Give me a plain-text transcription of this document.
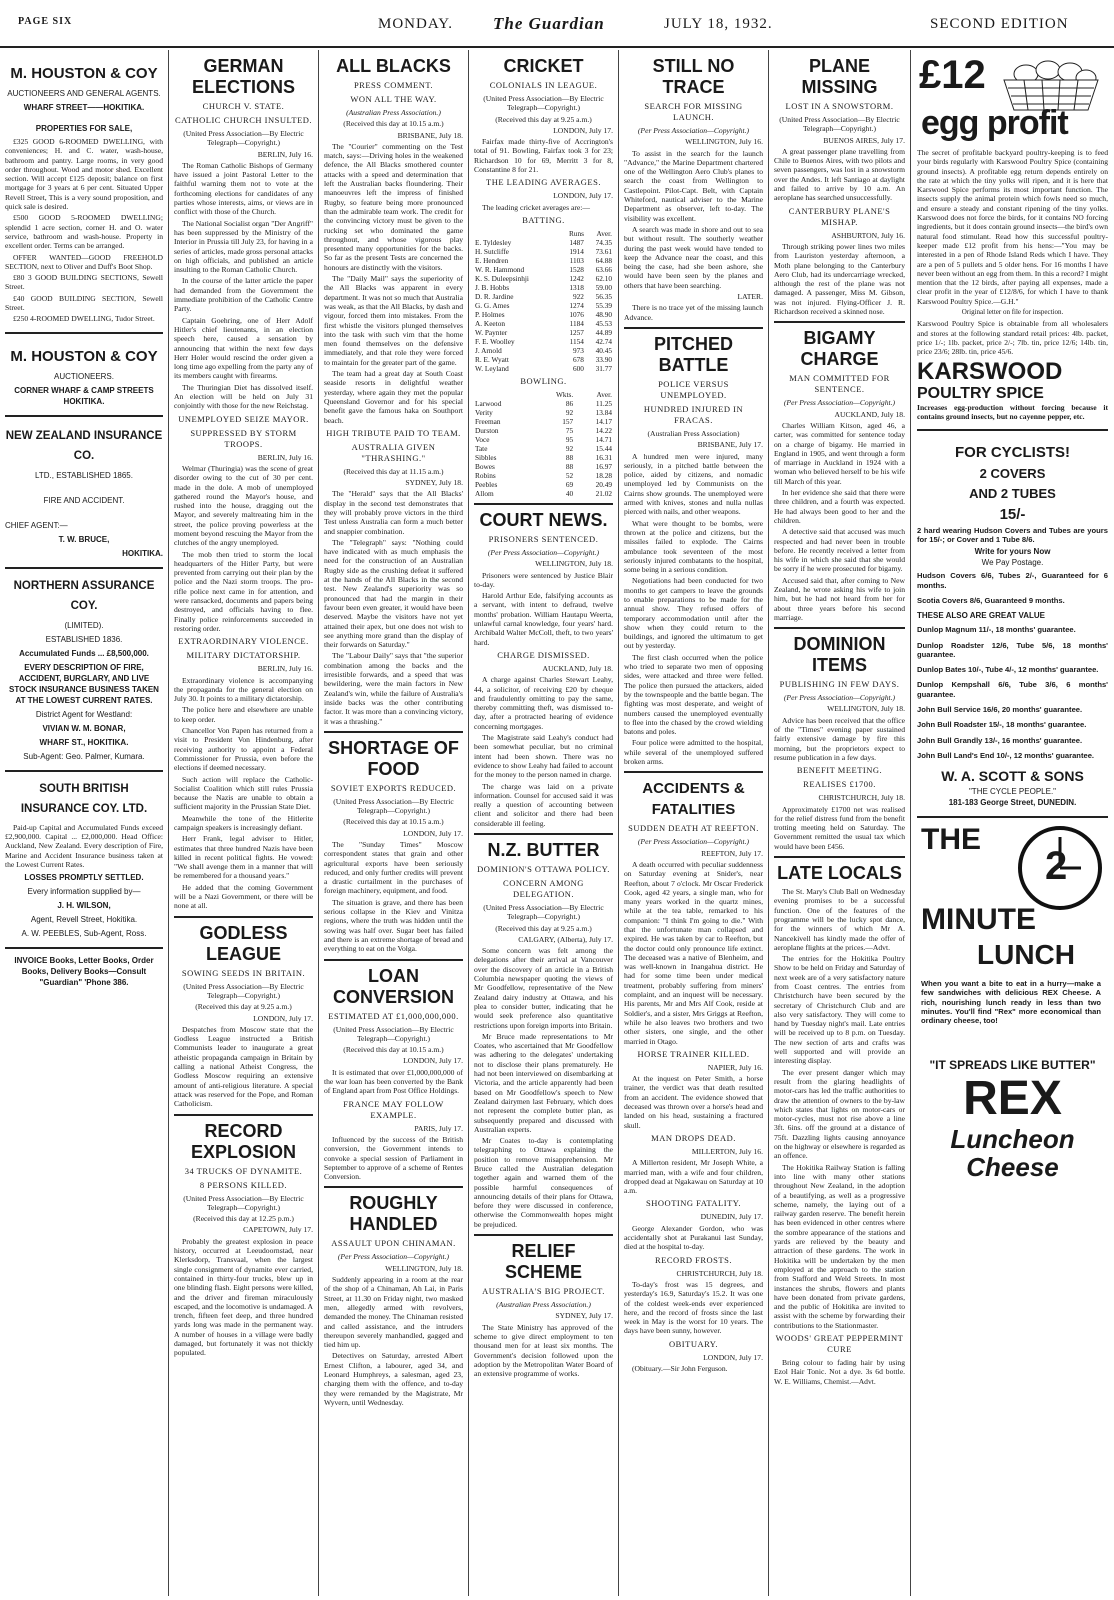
PAGE SIX	MONDAY. The Guardian	JULY 18, 1932.	SECOND EDITION
M. HOUSTON & COY
AUCTIONEERS AND GENERAL AGENTS.
WHARF STREET——HOKITIKA.
PROPERTIES FOR SALE,

£325 GOOD 6-ROOMED DWELLING, with conveniences; H. and C. water, wash-house, bathroom and pantry. Large rooms, in very good order throughout. Wood and motor shed. Excellent section. Will accept £125 deposit; balance on first mortgage for 3 years at 6 per cent. Situated Upper Revell Street, This is a very sound proposition, and quick sale is desired.

£500 GOOD 5-ROOMED DWELLING; splendid 1 acre section, corner H. and O. water service, bathroom and wash-house. Property in excellent order. Terms can be arranged.

OFFER WANTED—GOOD FREEHOLD SECTION, next to Oliver and Duff's Boot Shop.

£80 3 GOOD BUILDING SECTIONS, Sewell Street.

£40 GOOD BUILDING SECTION, Sewell Street.

£250 4-ROOMED DWELLING, Tudor Street.

M. HOUSTON & COY
AUCTIONEERS.
CORNER WHARF & CAMP STREETS HOKITIKA.
NEW ZEALAND INSURANCE CO.
LTD., ESTABLISHED 1865.
FIRE AND ACCIDENT.
CHIEF AGENT:—
T. W. BRUCE,
HOKITIKA.
NORTHERN ASSURANCE COY.
(LIMITED).
ESTABLISHED 1836.
Accumulated Funds ... £8,500,000.
EVERY DESCRIPTION OF FIRE, ACCIDENT, BURGLARY, AND LIVE STOCK INSURANCE BUSINESS TAKEN AT THE LOWEST CURRENT RATES.
District Agent for Westland:
VIVIAN W. M. BONAR,
WHARF ST., HOKITIKA.
Sub-Agent: Geo. Palmer, Kumara.
SOUTH BRITISH INSURANCE COY. LTD.

Paid-up Capital and Accumulated Funds exceed £2,900,000. Capital ... £2,000,000. Head Office: Auckland, New Zealand. Every description of Fire, Marine and Accident Insurance business taken at the Lowest Current Rates.

LOSSES PROMPTLY SETTLED.
Every information supplied by—
J. H. WILSON,
Agent, Revell Street, Hokitika.
A. W. PEEBLES, Sub-Agent, Ross.
INVOICE Books, Letter Books, Order Books, Delivery Books—Consult "Guardian" 'Phone 386.
GERMAN ELECTIONS
CHURCH V. STATE.
CATHOLIC CHURCH INSULTED.
(United Press Association—By Electric Telegraph—Copyright.)
BERLIN, July 16.

The Roman Catholic Bishops of Germany have issued a joint Pastoral Letter to the faithful warning them not to vote at the forthcoming elections for candidates of any parties whose interests, aims, or views are in conflict with those of the Church.

The National Socialist organ "Der Angriff" has been suppressed by the Ministry of the Interior in Prussia till July 23, for having in a series of articles, made gross personal attacks on high officials, and published an article insulting to the Roman Catholic Church.

In the course of the latter article the paper had demanded from the Government the immediate prohibition of the Catholic Centre Party.

Captain Goehring, one of Herr Adolf Hitler's chief lieutenants, in an election speech here, caused a sensation by announcing that within the next few days Herr Holer would rescind the order given a long time ago expelling from the party any of its members caught with firearms.

The Thuringian Diet has dissolved itself. An election will be held on July 31 conjointly with those for the new Reichstag.

UNEMPLOYED SEIZE MAYOR.
SUPPRESSED BY STORM TROOPS.
BERLIN, July 16.

Welmar (Thuringia) was the scene of great disorder owing to the cut of 30 per cent. made in the dole. A mob of unemployed gathered round the Mayor's house, and rushed into the house, dragging out the Mayor, and severely maltreating him in the street, the police proving powerless at the moment beyond rescuing the Mayor from the clutches of the angry unemployed.

The mob then tried to storm the local headquarters of the Hitler Party, but were prevented from carrying out their plan by the police and the Nazi storm troops. The pro-rifle police next came in for attention, and were ransacked, documents and papers being destroyed, and officials having to flee. Finally police reinforcements succeeded in restoring order.

EXTRAORDINARY VIOLENCE.
MILITARY DICTATORSHIP.
BERLIN, July 16.

Extraordinary violence is accompanying the propaganda for the general election on July 30. It points to a military dictatorship.

The police here and elsewhere are unable to keep order.

Chancellor Von Papen has returned from a visit to President Von Hindenburg, after receiving authority to appoint a Federal Commissioner for Prussia, even before the elections if deemed necessary.

Such action will replace the Catholic-Socialist Coalition which still rules Prussia because the Nazis are unable to obtain a sufficient majority in the Prussian State Diet.

Meanwhile the tone of the Hitlerite campaign speakers is increasingly defiant.

Herr Frank, legal adviser to Hitler, estimates that three hundred Nazis have been killed in recent political fights. He vowed: "We shall avenge them in a manner that will be remembered for a thousand years."

He added that the coming Government will be a Nazi Government, or there will be none at all.

GODLESS LEAGUE
SOWING SEEDS IN BRITAIN.
(United Press Association—By Electric Telegraph—Copyright.)
(Received this day at 9.25 a.m.)
LONDON, July 17.

Despatches from Moscow state that the Godless League instructed a British Communists leader to inaugurate a great atheistic propaganda campaign in Britain by calling a national Atheist Congress, the Godless Moscow requiring an extensive amount of anti-religious literature. A special attack was reserved for the Pope, and Roman Catholicism.

RECORD EXPLOSION
34 TRUCKS OF DYNAMITE.
8 PERSONS KILLED.
(United Press Association—By Electric Telegraph—Copyright.)
(Received this day at 12.25 p.m.)
CAPETOWN, July 17.

Probably the greatest explosion in peace history, occurred at Leeudoornstad, near Klerksdorp, Transvaal, when the largest single consignment of dynamite ever carried, contained in thirty-four trucks, blew up in one blinding flash. Eight persons were killed, and the driver and fireman miraculously escaped, and the locomotive is undamaged. A trench, fifteen feet deep, and three hundred yards long was made in the permanent way. A number of houses in a village were badly damaged, but fortunately it was not thickly populated.

ALL BLACKS
PRESS COMMENT.
WON ALL THE WAY.
(Australian Press Association.)
(Received this day at 10.15 a.m.)
BRISBANE, July 18.

The "Courier" commenting on the Test match, says:—Driving holes in the weakened defence, the All Blacks smothered counter attacks with a speed and determination that left the Australian backs floundering. Their manoeuvres left the impress of finished Rugby, so feature being more pronounced than the admirable team work. The credit for the convincing victory must be given to the rucking set who dominated the game throughout, and whose vigorous play presented many opportunities for the backs. So far as the present Tests are concerned the honours are distinctly with the visitors.

The "Daily Mail" says the superiority of the All Blacks was apparent in every department. It was not so much that Australia was weak, as that the All Blacks, by dash and vigour, forced them into mistakes. From the first whistle the visitors plunged themselves into the task with such vim that the home men found themselves on the defensive immediately, and that role they were forced to maintain for the greater part of the game.

The team had a great day at South Coast seaside resorts in delightful weather yesterday, where again they met the popular Queensland Governor and for his special benefit gave the famous haka on Southport beach.

HIGH TRIBUTE PAID TO TEAM.
AUSTRALIA GIVEN "THRASHING."
(Received this day at 11.15 a.m.)
SYDNEY, July 18.

The "Herald" says that the All Blacks' display in the second test demonstrates that they will probably prove victors in the third Test unless Australia can form a much better and snappier combination.

The "Telegraph" says: "Nothing could have indicated with as much emphasis the need for the construction of an Australian Rugby side as the crushing defeat it suffered at the hands of the All Blacks in the second test. New Zealand's superiority was so pronounced that had the margin in their favour been even greater, it would have been deserved. Maybe the visitors have not yet attained their apex, but one does not wish to see anything more grand than the display of their forwards on Saturday."

The "Labour Daily" says that "the superior combination among the backs and the irresistible forwards, and a speed that was bewildering, were the main factors in New Zealand's win, while the failure of Australia's inside backs was the other contributing factor. It was more than a convincing victory, it was a thrashing."

SHORTAGE OF FOOD
SOVIET EXPORTS REDUCED.
(United Press Association—By Electric Telegraph—Copyright.)
(Received this day at 10.15 a.m.)
LONDON, July 17.

The "Sunday Times" Moscow correspondent states that grain and other agricultural exports have been seriously reduced, and only further credits will prevent a drastic curtailment in the purchases of foreign machinery, equipment, and food.

The situation is grave, and there has been serious collapse in the Kiev and Vinitza regions, where the truth was hidden until the sowing was half over. Sugar beet has failed and there is an extreme shortage of bread and everything to eat on the Volga.

LOAN CONVERSION
ESTIMATED AT £1,000,000,000.
(United Press Association—By Electric Telegraph—Copyright.)
(Received this day at 10.15 a.m.)
LONDON, July 17.

It is estimated that over £1,000,000,000 of the war loan has been converted by the Bank of England apart from Post Office Holdings.

FRANCE MAY FOLLOW EXAMPLE.
PARIS, July 17.

Influenced by the success of the British conversion, the Government intends to convoke a special session of Parliament in September to approve of a scheme of Rentes Conversion.

ROUGHLY HANDLED
ASSAULT UPON CHINAMAN.
(Per Press Association—Copyright.)
WELLINGTON, July 18.

Suddenly appearing in a room at the rear of the shop of a Chinaman, Ah Lai, in Paris Street, at 11.30 on Friday night, two masked men, allegedly armed with revolvers, demanded the money. The Chinaman resisted and called assistance, and the intruders thereupon severely manhandled, gagged and tied him up.

Detectives on Saturday, arrested Albert Ernest Clifton, a labourer, aged 34, and Leonard Humphreys, a salesman, aged 23, charging them with the offence, and to-day they were remanded by the Magistrate, Mr Wyvern, until Wednesday.

CRICKET
COLONIALS IN LEAGUE.
(United Press Association—By Electric Telegraph—Copyright.)
(Received this day at 9.25 a.m.)
LONDON, July 17.

Fairfax made thirty-five of Accrington's total of 91. Bowling, Fairfax took 3 for 23; Richardson 10 for 69, Merritt 3 for 8, Constantine 8 for 21.

THE LEADING AVERAGES.
LONDON, July 17.

The leading cricket averages are:—

BATTING.
	Runs	Aver.
E. Tyldesley	1487	74.35
H. Sutcliffe	1914	73.61
E. Hendren	1103	64.88
W. R. Hammond	1528	63.66
K. S. Duleepsinhji	1242	62.10
J. B. Hobbs	1318	59.00
D. R. Jardine	922	56.35
G. G. Ames	1274	55.39
P. Holmes	1076	48.90
A. Keeton	1184	45.53
W. Paynter	1257	44.89
F. E. Woolley	1154	42.74
J. Arnold	973	40.45
R. E. Wyatt	678	33.90
W. Leyland	600	31.77
BOWLING.
	Wkts.	Aver.
Larwood	86	11.25
Verity	92	13.84
Freeman	157	14.17
Durston	75	14.22
Voce	95	14.71
Tate	92	15.44
Sibbles	88	16.31
Bowes	88	16.97
Robins	52	18.28
Peebles	69	20.49
Allom	40	21.02
COURT NEWS.
PRISONERS SENTENCED.
(Per Press Association—Copyright.)
WELLINGTON, July 18.

Prisoners were sentenced by Justice Blair to-day.

Harold Arthur Ede, falsifying accounts as a servant, with intent to defraud, twelve months' probation. William Hautapu Weerta, unlawful carnal knowledge, four years' hard. Archibald Walter McColl, theft, to two years' hard.

CHARGE DISMISSED.
AUCKLAND, July 18.

A charge against Charles Stewart Leahy, 44, a solicitor, of receiving £20 by cheque and fraudulently omitting to pay the same, thereby committing theft, was dismissed to-day, after a protracted hearing of evidence concerning mortgages.

The Magistrate said Leahy's conduct had been somewhat peculiar, but no criminal intent had been shown. There was no evidence to show Leahy had failed to account for the money to the person named in charge.

The charge was laid on a private information. Counsel for accused said it was really a question of accounting between client and solicitor and there had been considerable ill feeling.

N.Z. BUTTER
DOMINION'S OTTAWA POLICY.
CONCERN AMONG DELEGATION.
(United Press Association—By Electric Telegraph—Copyright.)
(Received this day at 9.25 a.m.)
CALGARY, (Alberta), July 17.

Some concern was felt among the delegations after their arrival at Vancouver over the discovery of an article in a British Columbia newspaper quoting the views of Mr Goodfellow, representative of the New Zealand dairy industry at Ottawa, and his plea to consider butter, indicating that he would seek preference also quantitative restrictions upon foreign imports into Britain.

Mr Bruce made representations to Mr Coates, who ascertained that Mr Goodfellow was adhering to the delegates' undertaking not to disclose their plans prematurely. He had not been interviewed on disembarking at Victoria, and the article apparently had been based on Mr Goodfellow's speech to New Zealand dairymen last February, which does not represent the complete butter plan, as subsequently prepared and discussed with Australian experts.

Mr Coates to-day is contemplating telegraphing to Ottawa explaining the position to remove misapprehension. Mr Bruce called the Australian delegation together again and warned them of the possible harmful consequences of announcing details of their plans for Ottawa, before they were discussed in conference, otherwise the Commonwealth hopes might be prejudiced.

RELIEF SCHEME
AUSTRALIA'S BIG PROJECT.
(Australian Press Association.)
SYDNEY, July 17.

The State Ministry has approved of the scheme to give direct employment to ten thousand men for at least six months. The Government's decision followed upon the adoption by the Metropolitan Water Board of an extensive programme of works.

STILL NO TRACE
SEARCH FOR MISSING LAUNCH.
(Per Press Association—Copyright.)
WELLINGTON, July 16.

To assist in the search for the launch "Advance," the Marine Department chartered one of the Wellington Aero Club's planes to search the coast from Wellington to Castlepoint. Pilot-Capt. Belt, with Captain Whiteford, nautical adviser to the Marine Department as observer, left to-day. The visibility was excellent.

A search was made in shore and out to sea but without result. The southerly weather during the past week would have tended to keep the Advance near the coast, and this being the case, had she been ashore, she would have been seen by the planes and others that have been searching.

LATER.

There is no trace yet of the missing launch Advance.

PITCHED BATTLE
POLICE VERSUS UNEMPLOYED.
HUNDRED INJURED IN FRACAS.
(Australian Press Association)
BRISBANE, July 17.

A hundred men were injured, many seriously, in a pitched battle between the police, aided by citizens, and nomadic unemployed led by Communists on the Cairns show grounds. The unemployed were armed with knives, stones and nulla nullas pierced with nails, and other weapons.

What were thought to be bombs, were thrown at the police and citizens, but the missiles failed to explode. The Cairns ambulance took seventeen of the most seriously injured combatants to the hospital, some being in a serious condition.

Negotiations had been conducted for two months to get campers to leave the grounds to enable preparations to be made for the annual show. They refused offers of temporary accommodation until after the show when they could return to the buildings, and ignored the ultimatum to get out by yesterday.

The first clash occurred when the police who tried to separate two men of opposing sides, were attacked and three were felled. The police then pursued the attackers, aided by the townspeople and the battle began. The fighting was most desperate, and weight of numbers caused the unemployed eventually to flee into the chased by the crowd wielding batons and poles.

Four police were admitted to the hospital, while several of the unemployed suffered broken arms.

ACCIDENTS & FATALITIES
SUDDEN DEATH AT REEFTON.
(Per Press Association—Copyright.)
REEFTON, July 17.

A death occurred with peculiar suddenness on Saturday evening at Snider's, near Reefton, about 7 o'clock. Mr Oscar Frederick Cook, aged 42 years, a single man, who for many years worked in the quartz mines, while at the tea table, remarked to his companion: "I think I'm going to die." With that the unfortunate man collapsed and expired. He was taken by car to Reefton, but the doctor could only pronounce life extinct. The deceased was a native of Blenheim, and was well-known in Inangahua district. He had for some time been under medical treatment, probably suffering from miners' complaint, and an inquest will be necessary. His parents, Mr and Mrs Alf Cook, reside at Soldier's, and a sister, Mrs Griggs at Reefton, while he also leaves two brothers and two other sisters, one single, and the other married in Otago.

HORSE TRAINER KILLED.
NAPIER, July 16.

At the inquest on Peter Smith, a horse trainer, the verdict was that death resulted from an accident. The evidence showed that deceased was thrown over a horse's head and landed on his head, sustaining a fractured skull.

MAN DROPS DEAD.
MILLERTON, July 16.

A Millerton resident, Mr Joseph White, a married man, with a wife and four children, dropped dead at Ngakawau on Saturday at 10 a.m.

SHOOTING FATALITY.
DUNEDIN, July 17.

George Alexander Gordon, who was accidentally shot at Purakanui last Sunday, died at the hospital to-day.

RECORD FROSTS.
CHRISTCHURCH, July 18.

To-day's frost was 15 degrees, and yesterday's 16.9, Saturday's 15.2. It was one of the coldest week-ends ever experienced here, and the record of frosts since the last week in May is the worst for 10 years. The days have been sunny, however.

OBITUARY.
LONDON, July 17.

(Obituary.—Sir John Ferguson.

PLANE MISSING
LOST IN A SNOWSTORM.
(United Press Association—By Electric Telegraph—Copyright.)
BUENOS AIRES, July 17.

A great passenger plane travelling from Chile to Buenos Aires, with two pilots and seven passengers, was lost in a snowstorm over the Andes. It left Santiago at daylight and failed to arrive by 10 a.m. An aeroplane has searched unsuccessfully.

CANTERBURY PLANE'S MISHAP.
ASHBURTON, July 16.

Through striking power lines two miles from Lauriston yesterday afternoon, a Moth plane belonging to the Canterbury Aero Club, had its undercarriage wrecked, although the rest of the plane was not damaged. A passenger, Miss M. Gibson, was not injured. Flying-Officer J. R. Richardson received a skinned nose.

BIGAMY CHARGE
MAN COMMITTED FOR SENTENCE.
(Per Press Association—Copyright.)
AUCKLAND, July 18.

Charles William Kitson, aged 46, a carter, was committed for sentence today on a charge of bigamy. He married in England in 1905, and went through a form of marriage in Auckland in 1924 with a woman who believed herself to be his wife till March of this year.

In her evidence she said that there were three children, and a fourth was expected. He had always been good to her and the children.

A detective said that accused was much respected and had never been in trouble before. He recently received a letter from his wife in which she said that she would be sorry if he were prosecuted for bigamy.

Accused said that, after coming to New Zealand, he wrote asking his wife to join him, but he had not heard from her for about three years before his second marriage.

DOMINION ITEMS
PUBLISHING IN FEW DAYS.
(Per Press Association—Copyright.)
WELLINGTON, July 18.

Advice has been received that the office of the "Times" evening paper sustained fairly extensive damage by fire this morning, but the proprietors expect to resume publication in a few days.

BENEFIT MEETING.
REALISES £1700.
CHRISTCHURCH, July 18.

Approximately £1700 net was realised for the relief distress fund from the benefit trotting meeting held on Saturday. The Government remitted the usual tax which would have been £456.

LATE LOCALS

The St. Mary's Club Ball on Wednesday evening promises to be a successful function. One of the features of the programme will be the lucky spot dance, for the winners of which Mr A. Nancekivell has kindly made the offer of aeroplane flights at the prices.—Advt.

The entries for the Hokitika Poultry Show to be held on Friday and Saturday of next week are of a very satisfactory nature from Coast centres. The entries from Christchurch have been secured by the secretary of Christchurch Club and are also very satisfactory. They will come to hand by Tuesday night's mail. Late entries will be received up to 8 p.m. on Tuesday. The new section of arts and crafts was well supported and will provide an interesting display.

The ever present danger which may result from the glaring headlights of motor-cars has led the traffic authorities to draw the attention of owners to the by-law which states that lights on motor-cars or motor-cycles, must not rise above a line 3ft. 6ins. off the ground at a distance of 75ft. Dazzling lights causing annoyance on the highway or elsewhere is regarded as an offence.

The Hokitika Railway Station is falling into line with many other stations throughout New Zealand, in the adoption of a beautifying, as well as a progressive scheme, namely, the laying out of a railway garden reserve. The benefit herein has been evidenced in other centres where the sombre appearance of the stations and yards are relieved by the beauty and attraction of these gardens. The work in Hokitika will be undertaken by the men employed at the approach to the station from Stafford and Weld Streets. In most instances the shrubs, flowers and plants have been donated from private gardens, and the public of Hokitika are invited to assist with the scheme by forwarding their contributions to the Stationmaster.

WOODS' GREAT PEPPERMINT CURE

Bring colour to fading hair by using Ezol Hair Tonic. Not a dye. 3s 6d bottle. W. E. Williams, Chemist.—Advt.

£12
egg profit

The secret of profitable backyard poultry-keeping is to feed your birds regularly with Karswood Poultry Spice (containing ground insects). A profitable egg return depends entirely on the rate at which the tiny yolks will ripen, and it is here that Karswood Spice performs its most important function. The insects supply the animal protein which fowls need so much, and ensure a steady and constant ripening of the tiny yolks. Karswood does not force the birds, for it contains NO forcing ingredients, but it does contain ground insects—the bird's own natural food stimulant. Read how this successful poultry-keeper made £12 profit from his hens:—"You may be interested in a pen of Rhode Island Reds which I have. They are a pen of 5 pullets and 5 older hens. For 16 months I have never been without an egg from them. In this a record? I might mention that the 12 birds, after paying all expenses, made a clear profit in the year of £12/8/6, for which I have to thank Karswood Poultry Spice.—G.H."

Original letter on file for inspection.

Karswood Poultry Spice is obtainable from all wholesalers and stores at the following standard retail prices: 4lb. packet, price 1/-; 1lb. packet, price 2/-; 7lb. tin, price 12/6; 14lb. tin, price 23/6; 28lb. tin, price 45/6.

KARSWOOD
POULTRY SPICE
Increases egg-production without forcing because it contains ground insects, but no cayenne pepper, etc.
FOR CYCLISTS!
2 COVERS
AND 2 TUBES
15/-
2 hard wearing Hudson Covers and Tubes are yours for 15/-; or Cover and 1 Tube 8/6.
Write for yours Now
We Pay Postage.
Hudson Covers 6/6, Tubes 2/-, Guaranteed for 6 months.
Scotia Covers 8/6, Guaranteed 9 months.
THESE ALSO ARE GREAT VALUE
Dunlop Magnum 11/-, 18 months' guarantee.
Dunlop Roadster 12/6, Tube 5/6, 18 months' guarantee.
Dunlop Bates 10/-, Tube 4/-, 12 months' guarantee.
Dunlop Kempshall 6/6, Tube 3/6, 6 months' guarantee.
John Bull Service 16/6, 20 months' guarantee.
John Bull Roadster 15/-, 18 months' guarantee.
John Bull Grandly 13/-, 16 months' guarantee.
John Bull Land's End 10/-, 12 months' guarantee.
W. A. SCOTT & SONS
"THE CYCLE PEOPLE."
181-183 George Street, DUNEDIN.
THE
2
MINUTE
LUNCH
When you want a bite to eat in a hurry—make a few sandwiches with delicious REX Cheese. A rich, nourishing lunch ready in less than two minutes. You'll find "Rex" more economical than ordinary cheese, too!
"IT SPREADS LIKE BUTTER"
REX
Luncheon
Cheese
